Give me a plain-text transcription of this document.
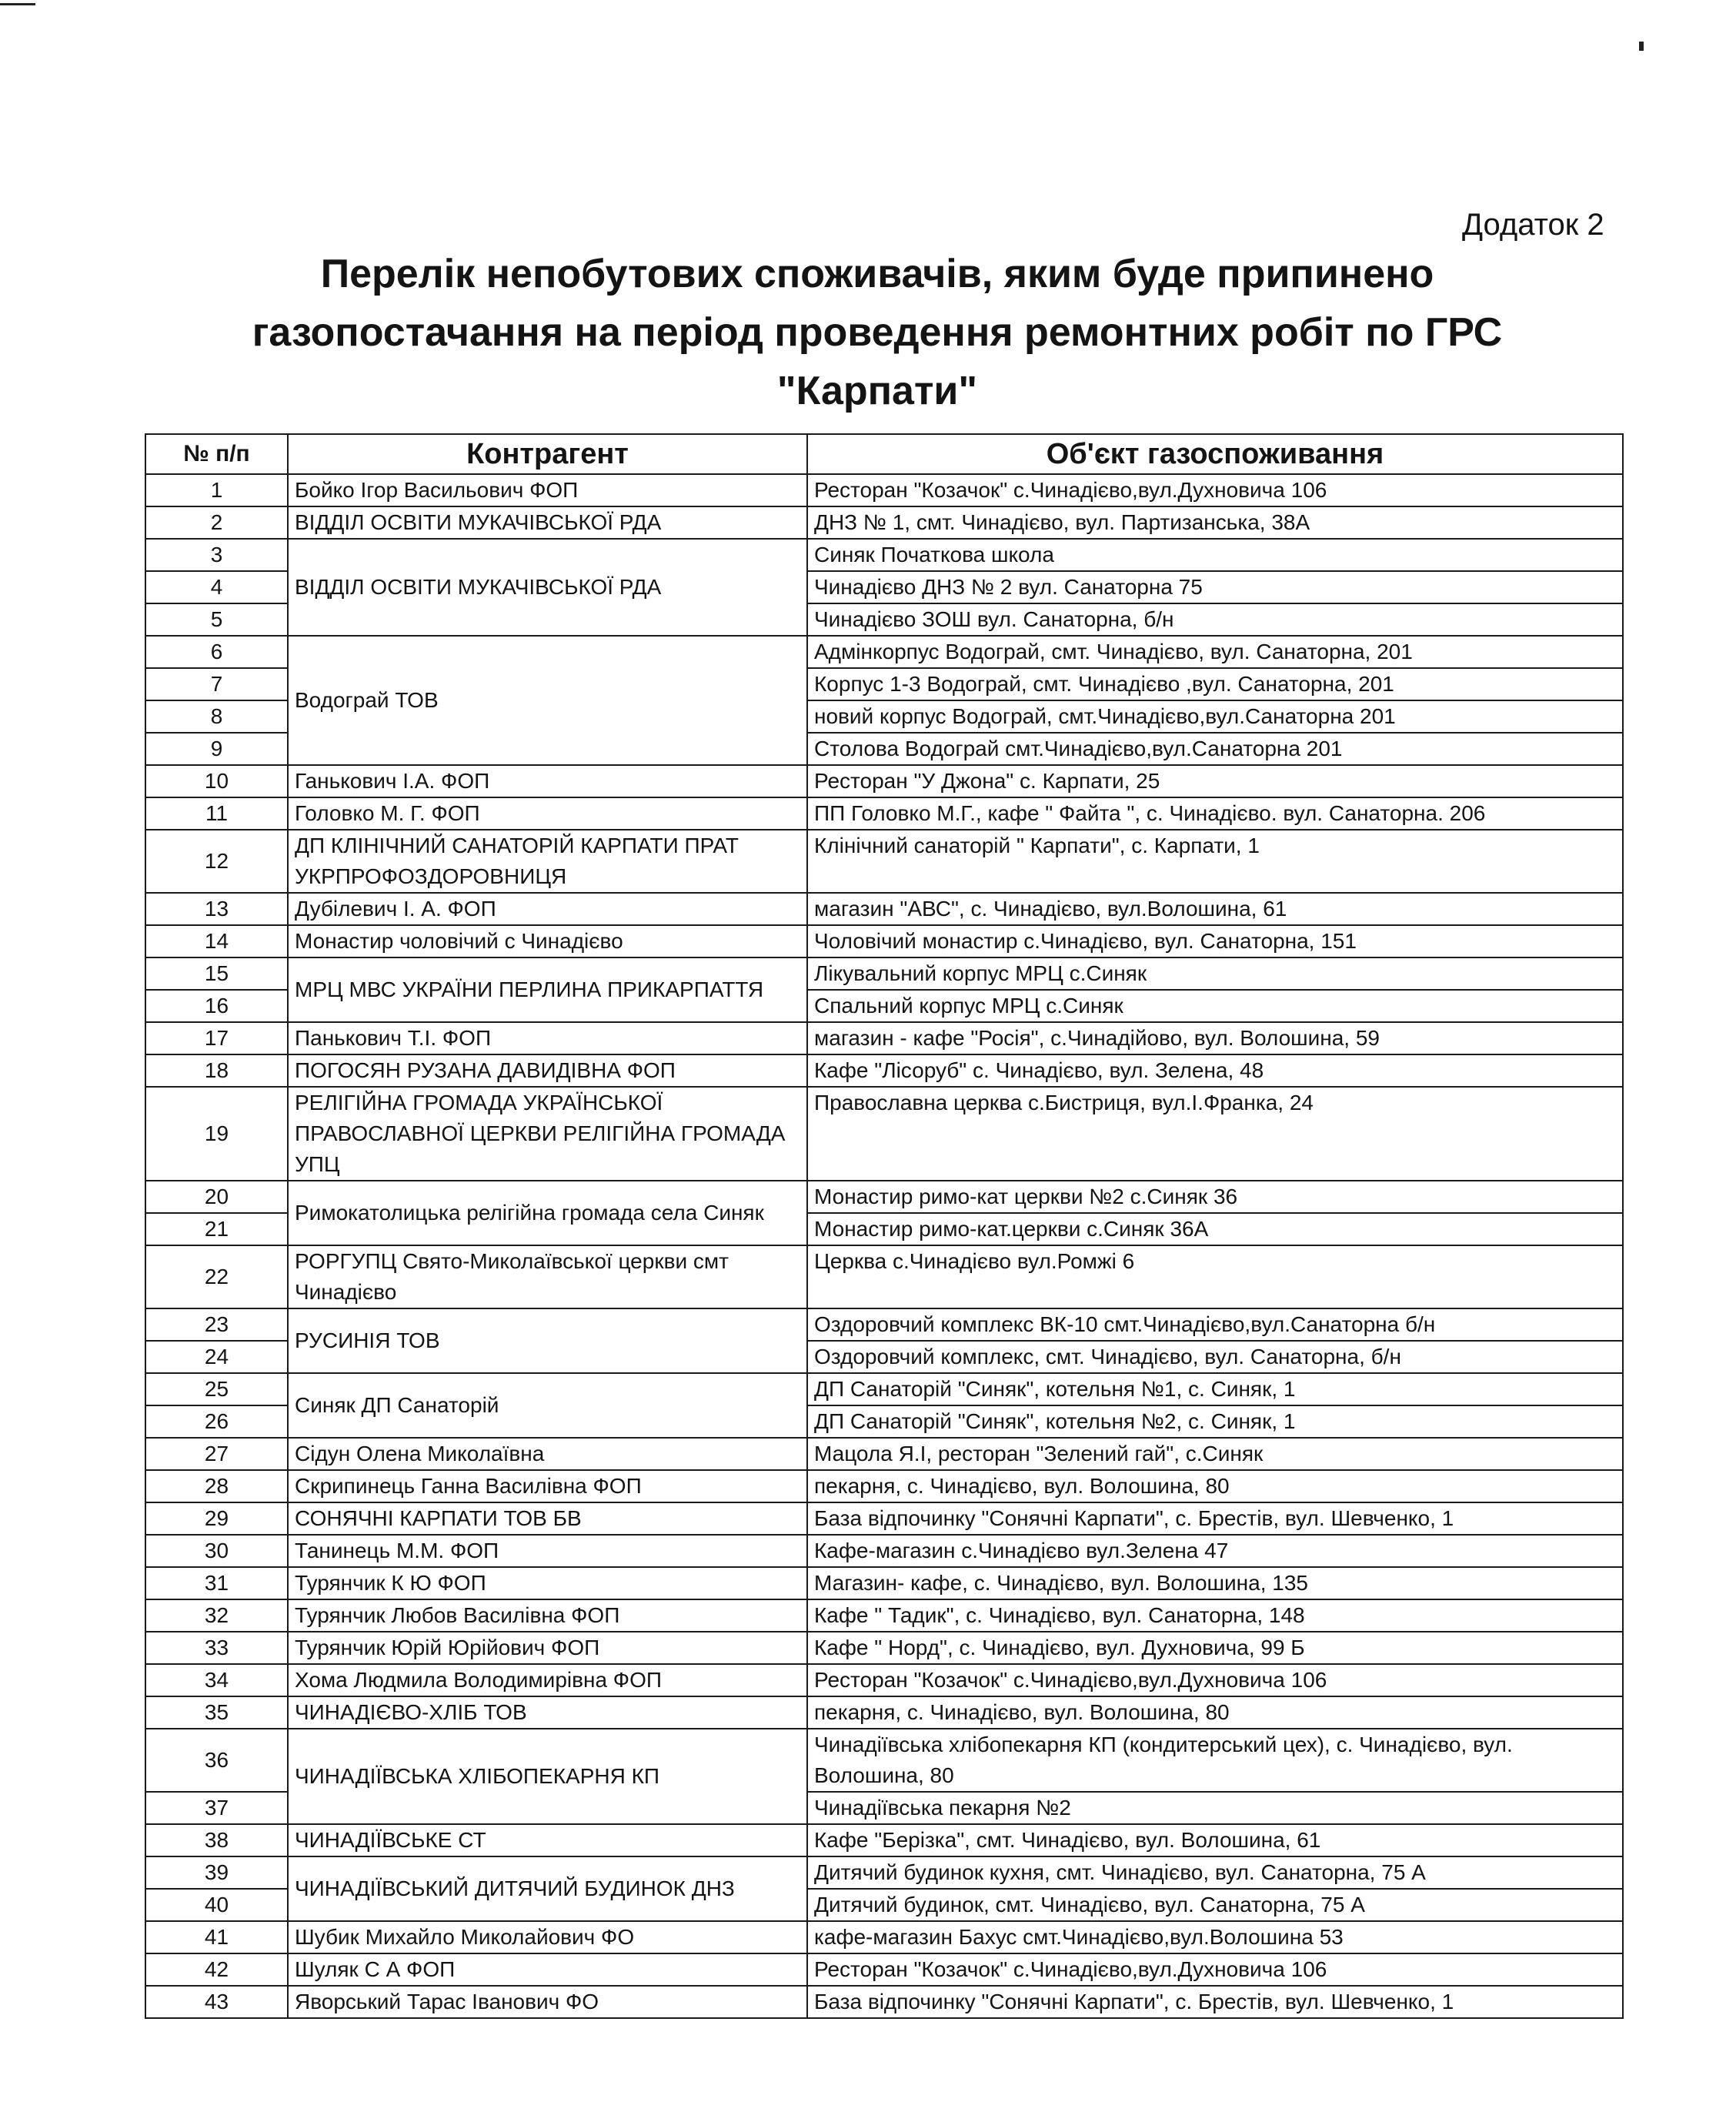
Додаток 2
Перелік непобутових споживачів, яким буде припинено
газопостачання на період проведення ремонтних робіт по ГРС
"Карпати"
№ п/п	Контрагент	Об'єкт газоспоживання
1	Бойко Ігор Васильович ФОП	Ресторан "Козачок" с.Чинадієво,вул.Духновича 106
2	ВІДДІЛ ОСВІТИ МУКАЧІВСЬКОЇ РДА	ДНЗ № 1, смт. Чинадієво, вул. Партизанська, 38А
3	ВІДДІЛ ОСВІТИ МУКАЧІВСЬКОЇ РДА	Синяк Початкова школа
4		Чинадієво ДНЗ № 2 вул. Санаторна 75
5		Чинадієво ЗОШ вул. Санаторна, б/н
6	Водограй ТОВ	Адмінкорпус Водограй, смт. Чинадієво, вул. Санаторна, 201
7		Корпус 1-3 Водограй, смт. Чинадієво ,вул. Санаторна, 201
8		новий корпус Водограй, смт.Чинадієво,вул.Санаторна 201
9		Столова Водограй смт.Чинадієво,вул.Санаторна 201
10	Ганькович І.А. ФОП	Ресторан "У Джона" с. Карпати, 25
11	Головко М. Г. ФОП	ПП Головко М.Г., кафе " Файта ", с. Чинадієво. вул. Санаторна. 206
12	ДП КЛІНІЧНИЙ САНАТОРІЙ КАРПАТИ ПРАТ УКРПРОФОЗДОРОВНИЦЯ	Клінічний санаторій " Карпати", с. Карпати, 1
13	Дубілевич І. А. ФОП	магазин "АВС", с. Чинадієво, вул.Волошина, 61
14	Монастир чоловічий с Чинадієво	Чоловічий монастир с.Чинадієво, вул. Санаторна, 151
15	МРЦ МВС УКРАЇНИ ПЕРЛИНА ПРИКАРПАТТЯ	Лікувальний корпус МРЦ с.Синяк
16		Спальний корпус МРЦ с.Синяк
17	Панькович Т.І. ФОП	магазин - кафе "Росія", с.Чинадійово, вул. Волошина, 59
18	ПОГОСЯН РУЗАНА ДАВИДІВНА ФОП	Кафе "Лісоруб" с. Чинадієво, вул. Зелена, 48
19	РЕЛІГІЙНА ГРОМАДА УКРАЇНСЬКОЇ ПРАВОСЛАВНОЇ ЦЕРКВИ РЕЛІГІЙНА ГРОМАДА УПЦ	Православна церква с.Бистриця, вул.І.Франка, 24
20	Римокатолицька релігійна громада села Синяк	Монастир римо-кат церкви №2 с.Синяк 36
21		Монастир римо-кат.церкви с.Синяк 36А
22	РОРГУПЦ Свято-Миколаївської церкви смт Чинадієво	Церква с.Чинадієво вул.Ромжі 6
23	РУСИНІЯ ТОВ	Оздоровчий комплекс ВК-10 смт.Чинадієво,вул.Санаторна б/н
24		Оздоровчий комплекс, смт. Чинадієво, вул. Санаторна, б/н
25	Синяк ДП Санаторій	ДП Санаторій "Синяк", котельня №1, с. Синяк, 1
26		ДП Санаторій "Синяк", котельня №2, с. Синяк, 1
27	Сідун Олена Миколаївна	Мацола Я.І, ресторан "Зелений гай", с.Синяк
28	Скрипинець Ганна Василівна ФОП	пекарня, с. Чинадієво, вул. Волошина, 80
29	СОНЯЧНІ КАРПАТИ ТОВ БВ	База відпочинку "Сонячні Карпати", с. Брестів, вул. Шевченко, 1
30	Танинець М.М. ФОП	Кафе-магазин с.Чинадієво вул.Зелена 47
31	Турянчик К Ю ФОП	Магазин- кафе, с. Чинадієво, вул. Волошина, 135
32	Турянчик Любов Василівна ФОП	Кафе " Тадик", с. Чинадієво, вул. Санаторна, 148
33	Турянчик Юрій Юрійович ФОП	Кафе " Норд", с. Чинадієво, вул. Духновича, 99 Б
34	Хома Людмила Володимирівна ФОП	Ресторан "Козачок" с.Чинадієво,вул.Духновича 106
35	ЧИНАДІЄВО-ХЛІБ ТОВ	пекарня, с. Чинадієво, вул. Волошина, 80
36	ЧИНАДІЇВСЬКА ХЛІБОПЕКАРНЯ КП	Чинадіївська хлібопекарня КП (кондитерський цех), с. Чинадієво, вул. Волошина, 80
37		Чинадіївська пекарня №2
38	ЧИНАДІЇВСЬКЕ СТ	Кафе "Берізка", смт. Чинадієво, вул. Волошина, 61
39	ЧИНАДІЇВСЬКИЙ ДИТЯЧИЙ БУДИНОК ДНЗ	Дитячий будинок кухня, смт. Чинадієво, вул. Санаторна, 75 А
40		Дитячий будинок, смт. Чинадієво, вул. Санаторна, 75 А
41	Шубик Михайло Миколайович ФО	кафе-магазин Бахус смт.Чинадієво,вул.Волошина 53
42	Шуляк С А ФОП	Ресторан "Козачок" с.Чинадієво,вул.Духновича 106
43	Яворський Тарас Іванович ФО	База відпочинку "Сонячні Карпати", с. Брестів, вул. Шевченко, 1
